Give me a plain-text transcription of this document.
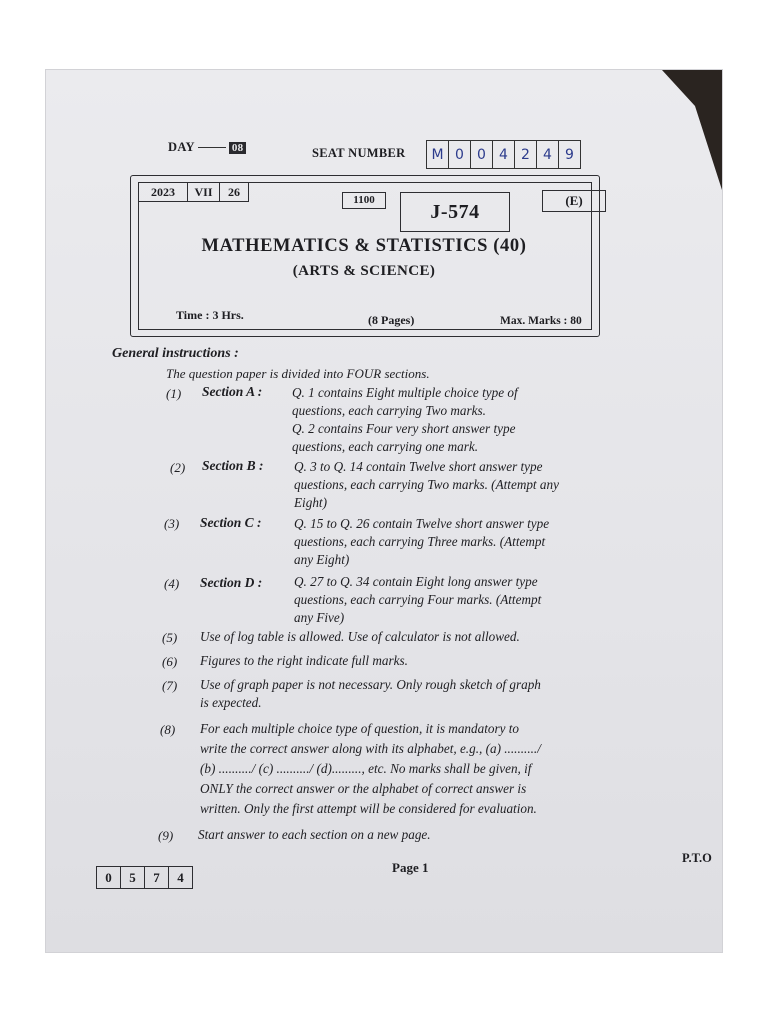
DAY	08	SEAT NUMBER	M 0 0 4 2 4 9
2023	VII	26
1100
J-574	(E)
MATHEMATICS & STATISTICS (40)
(ARTS & SCIENCE)
Time : 3 Hrs.	(8 Pages)	Max. Marks : 80
General instructions :
The question paper is divided into FOUR sections.
(1) Section A : Q. 1 contains Eight multiple choice type of
questions, each carrying Two marks.
Q. 2 contains Four very short answer type
questions, each carrying one mark.
(2) Section B : Q. 3 to Q. 14 contain Twelve short answer type
questions, each carrying Two marks. (Attempt any
Eight)
(3) Section C : Q. 15 to Q. 26 contain Twelve short answer type
questions, each carrying Three marks. (Attempt
any Eight)
(4) Section D : Q. 27 to Q. 34 contain Eight long answer type
questions, each carrying Four marks. (Attempt
any Five)
(5) Use of log table is allowed. Use of calculator is not allowed.
(6) Figures to the right indicate full marks.
(7) Use of graph paper is not necessary. Only rough sketch of graph
is expected.
(8) For each multiple choice type of question, it is mandatory to
write the correct answer along with its alphabet, e.g., (a) ........../
(b) ........../ (c) ........../ (d)........., etc. No marks shall be given, if
ONLY the correct answer or the alphabet of correct answer is
written. Only the first attempt will be considered for evaluation.
(9) Start answer to each section on a new page.
0	5	7	4
Page 1
P.T.O
